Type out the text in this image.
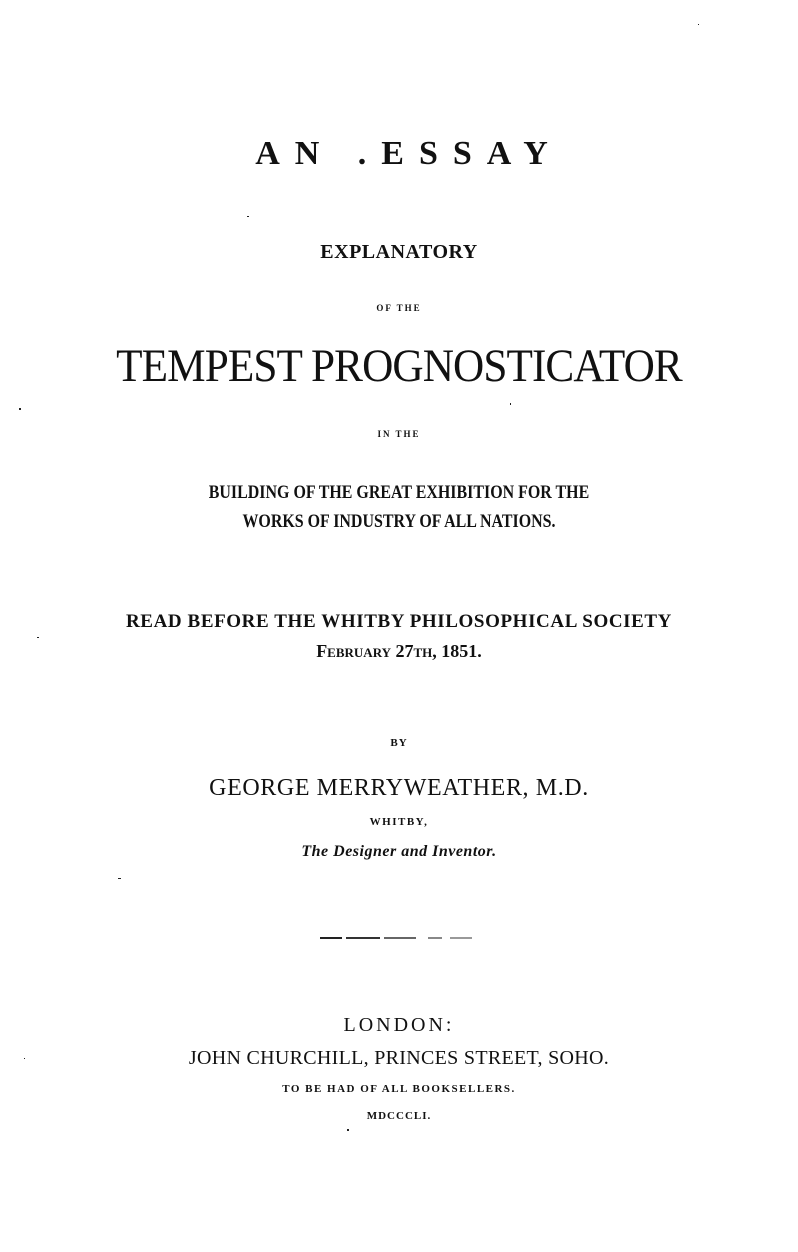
AN .ESSAY
EXPLANATORY
OF THE
TEMPEST PROGNOSTICATOR
IN THE
BUILDING OF THE GREAT EXHIBITION FOR THE
WORKS OF INDUSTRY OF ALL NATIONS.
READ BEFORE THE WHITBY PHILOSOPHICAL SOCIETY
February 27th, 1851.
BY
GEORGE MERRYWEATHER, M.D.
WHITBY,
The Designer and Inventor.
LONDON:
JOHN CHURCHILL, PRINCES STREET, SOHO.
TO BE HAD OF ALL BOOKSELLERS.
MDCCCLI.
